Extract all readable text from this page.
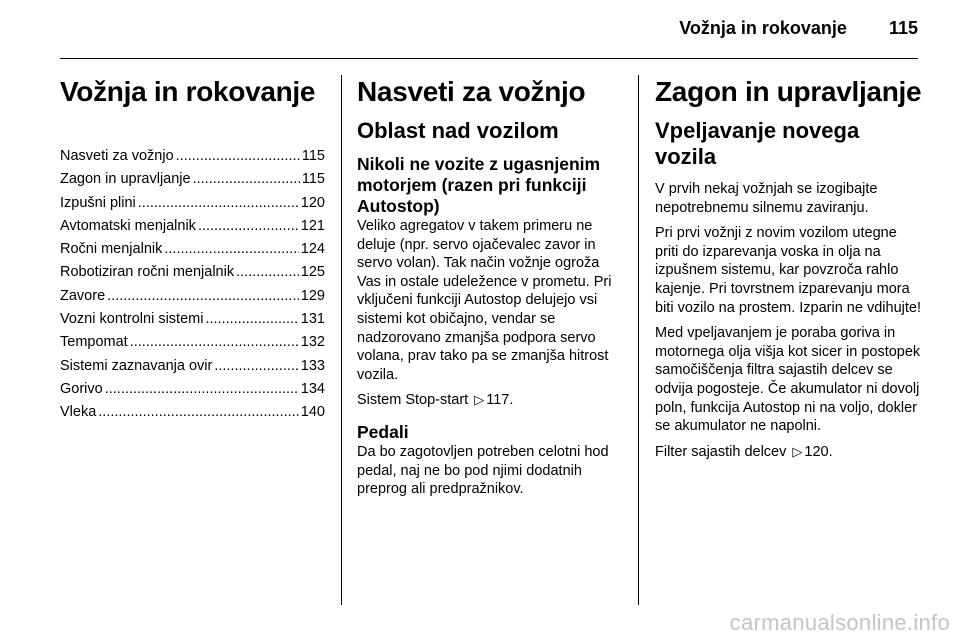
Vožnja in rokovanje 115
Vožnja in rokovanje
Nasveti za vožnjo .....	115
Zagon in upravljanje .....	115
Izpušni plini .....	120
Avtomatski menjalnik .....	121
Ročni menjalnik .....	124
Robotiziran ročni menjalnik .....	125
Zavore .....	129
Vozni kontrolni sistemi .....	131
Tempomat .....	132
Sistemi zaznavanja ovir .....	133
Gorivo .....	134
Vleka .....	140
Nasveti za vožnjo
Oblast nad vozilom
Nikoli ne vozite z ugasnjenim motorjem (razen pri funkciji Autostop)

Veliko agregatov v takem primeru ne deluje (npr. servo ojačevalec zavor in servo volan). Tak način vožnje ogroža Vas in ostale udeležence v prometu. Pri vključeni funkciji Autostop delujejo vsi sistemi kot običajno, vendar se nadzorovano zmanjša podpora servo volana, prav tako pa se zmanjša hitrost vozila.

Sistem Stop-start ▷ 117.

Pedali

Da bo zagotovljen potreben celotni hod pedal, naj ne bo pod njimi dodatnih preprog ali predpražnikov.

Zagon in upravljanje
Vpeljavanje novega vozila

V prvih nekaj vožnjah se izogibajte nepotrebnemu silnemu zaviranju.

Pri prvi vožnji z novim vozilom utegne priti do izparevanja voska in olja na izpušnem sistemu, kar povzroča rahlo kajenje. Pri tovrstnem izparevanju mora biti vozilo na prostem. Izparin ne vdihujte!

Med vpeljavanjem je poraba goriva in motornega olja višja kot sicer in postopek samočiščenja filtra sajastih delcev se odvija pogosteje. Če akumulator ni dovolj poln, funkcija Autostop ni na voljo, dokler se akumulator ne napolni.

Filter sajastih delcev ▷ 120.

carmanualsonline.info
